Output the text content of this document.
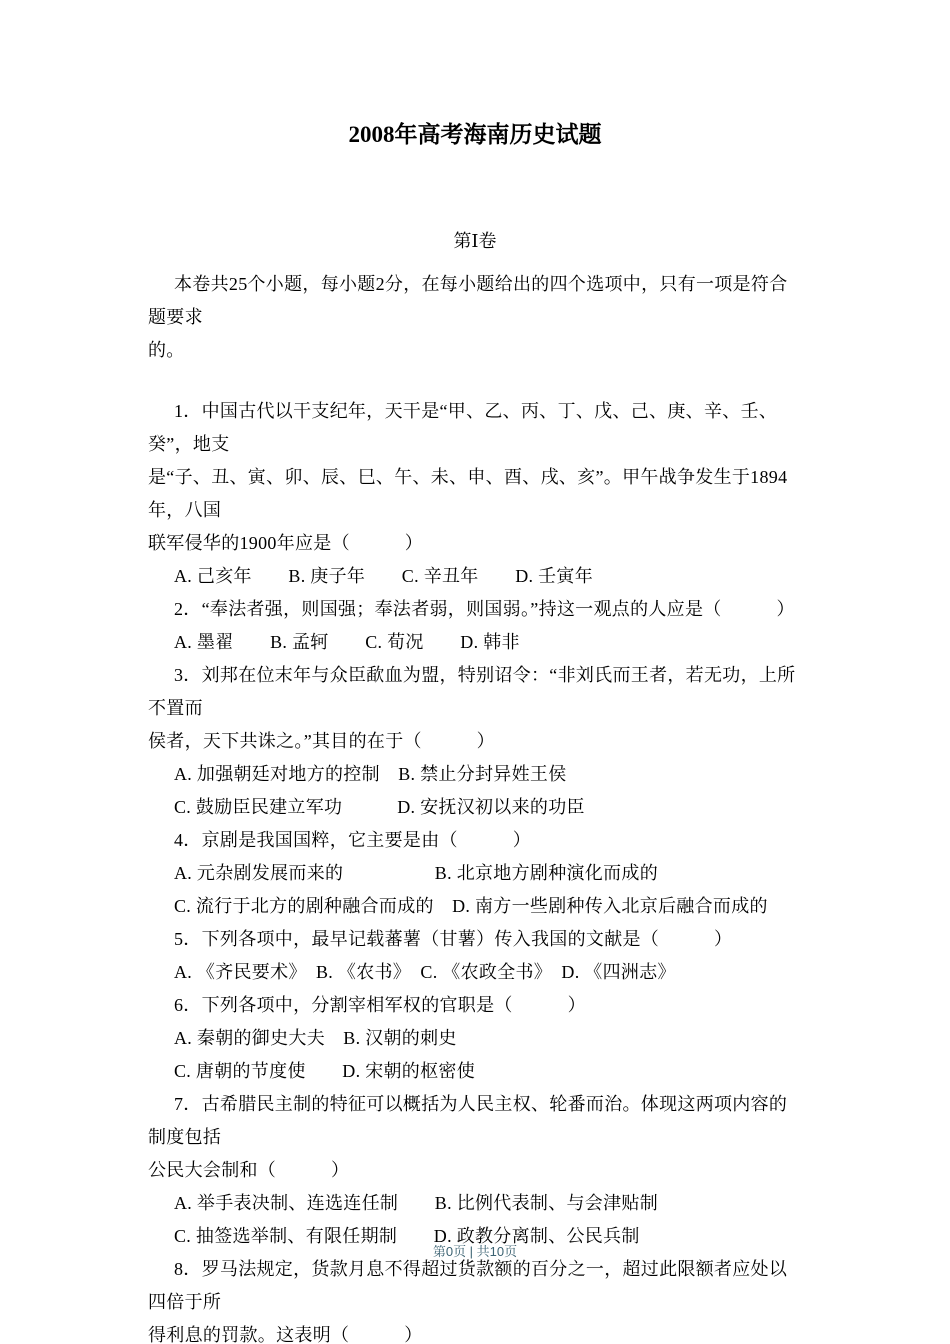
2008年高考海南历史试题
第Ⅰ卷
本卷共25个小题，每小题2分，在每小题给出的四个选项中，只有一项是符合题要求
的。
1．中国古代以干支纪年，天干是“甲、乙、丙、丁、戊、己、庚、辛、壬、癸”，地支
是“子、丑、寅、卯、辰、巳、午、未、申、酉、戌、亥”。甲午战争发生于1894年，八国
联军侵华的1900年应是（　　　）
A. 己亥年　　B. 庚子年　　C. 辛丑年　　D. 壬寅年
2．“奉法者强，则国强；奉法者弱，则国弱。”持这一观点的人应是（　　　）
A. 墨翟　　B. 孟轲　　C. 荀况　　D. 韩非
3．刘邦在位末年与众臣歃血为盟，特别诏令：“非刘氏而王者，若无功，上所不置而
侯者，天下共诛之。”其目的在于（　　　）
A. 加强朝廷对地方的控制　B. 禁止分封异姓王侯
C. 鼓励臣民建立军功　　　D. 安抚汉初以来的功臣
4．京剧是我国国粹，它主要是由（　　　）
A. 元杂剧发展而来的　　　　　B. 北京地方剧种演化而成的
C. 流行于北方的剧种融合而成的　D. 南方一些剧种传入北京后融合而成的
5．下列各项中，最早记载蕃薯（甘薯）传入我国的文献是（　　　）
A. 《齐民要术》　B. 《农书》　C. 《农政全书》　D. 《四洲志》
6．下列各项中，分割宰相军权的官职是（　　　）
A. 秦朝的御史大夫　B. 汉朝的刺史
C. 唐朝的节度使　　D. 宋朝的枢密使
7．古希腊民主制的特征可以概括为人民主权、轮番而治。体现这两项内容的制度包括
公民大会制和（　　　）
A. 举手表决制、连选连任制　　B. 比例代表制、与会津贴制
C. 抽签选举制、有限任期制　　D. 政教分离制、公民兵制
8．罗马法规定，货款月息不得超过货款额的百分之一，超过此限额者应处以四倍于所
得利息的罚款。这表明（　　　）
第0页 | 共10页
